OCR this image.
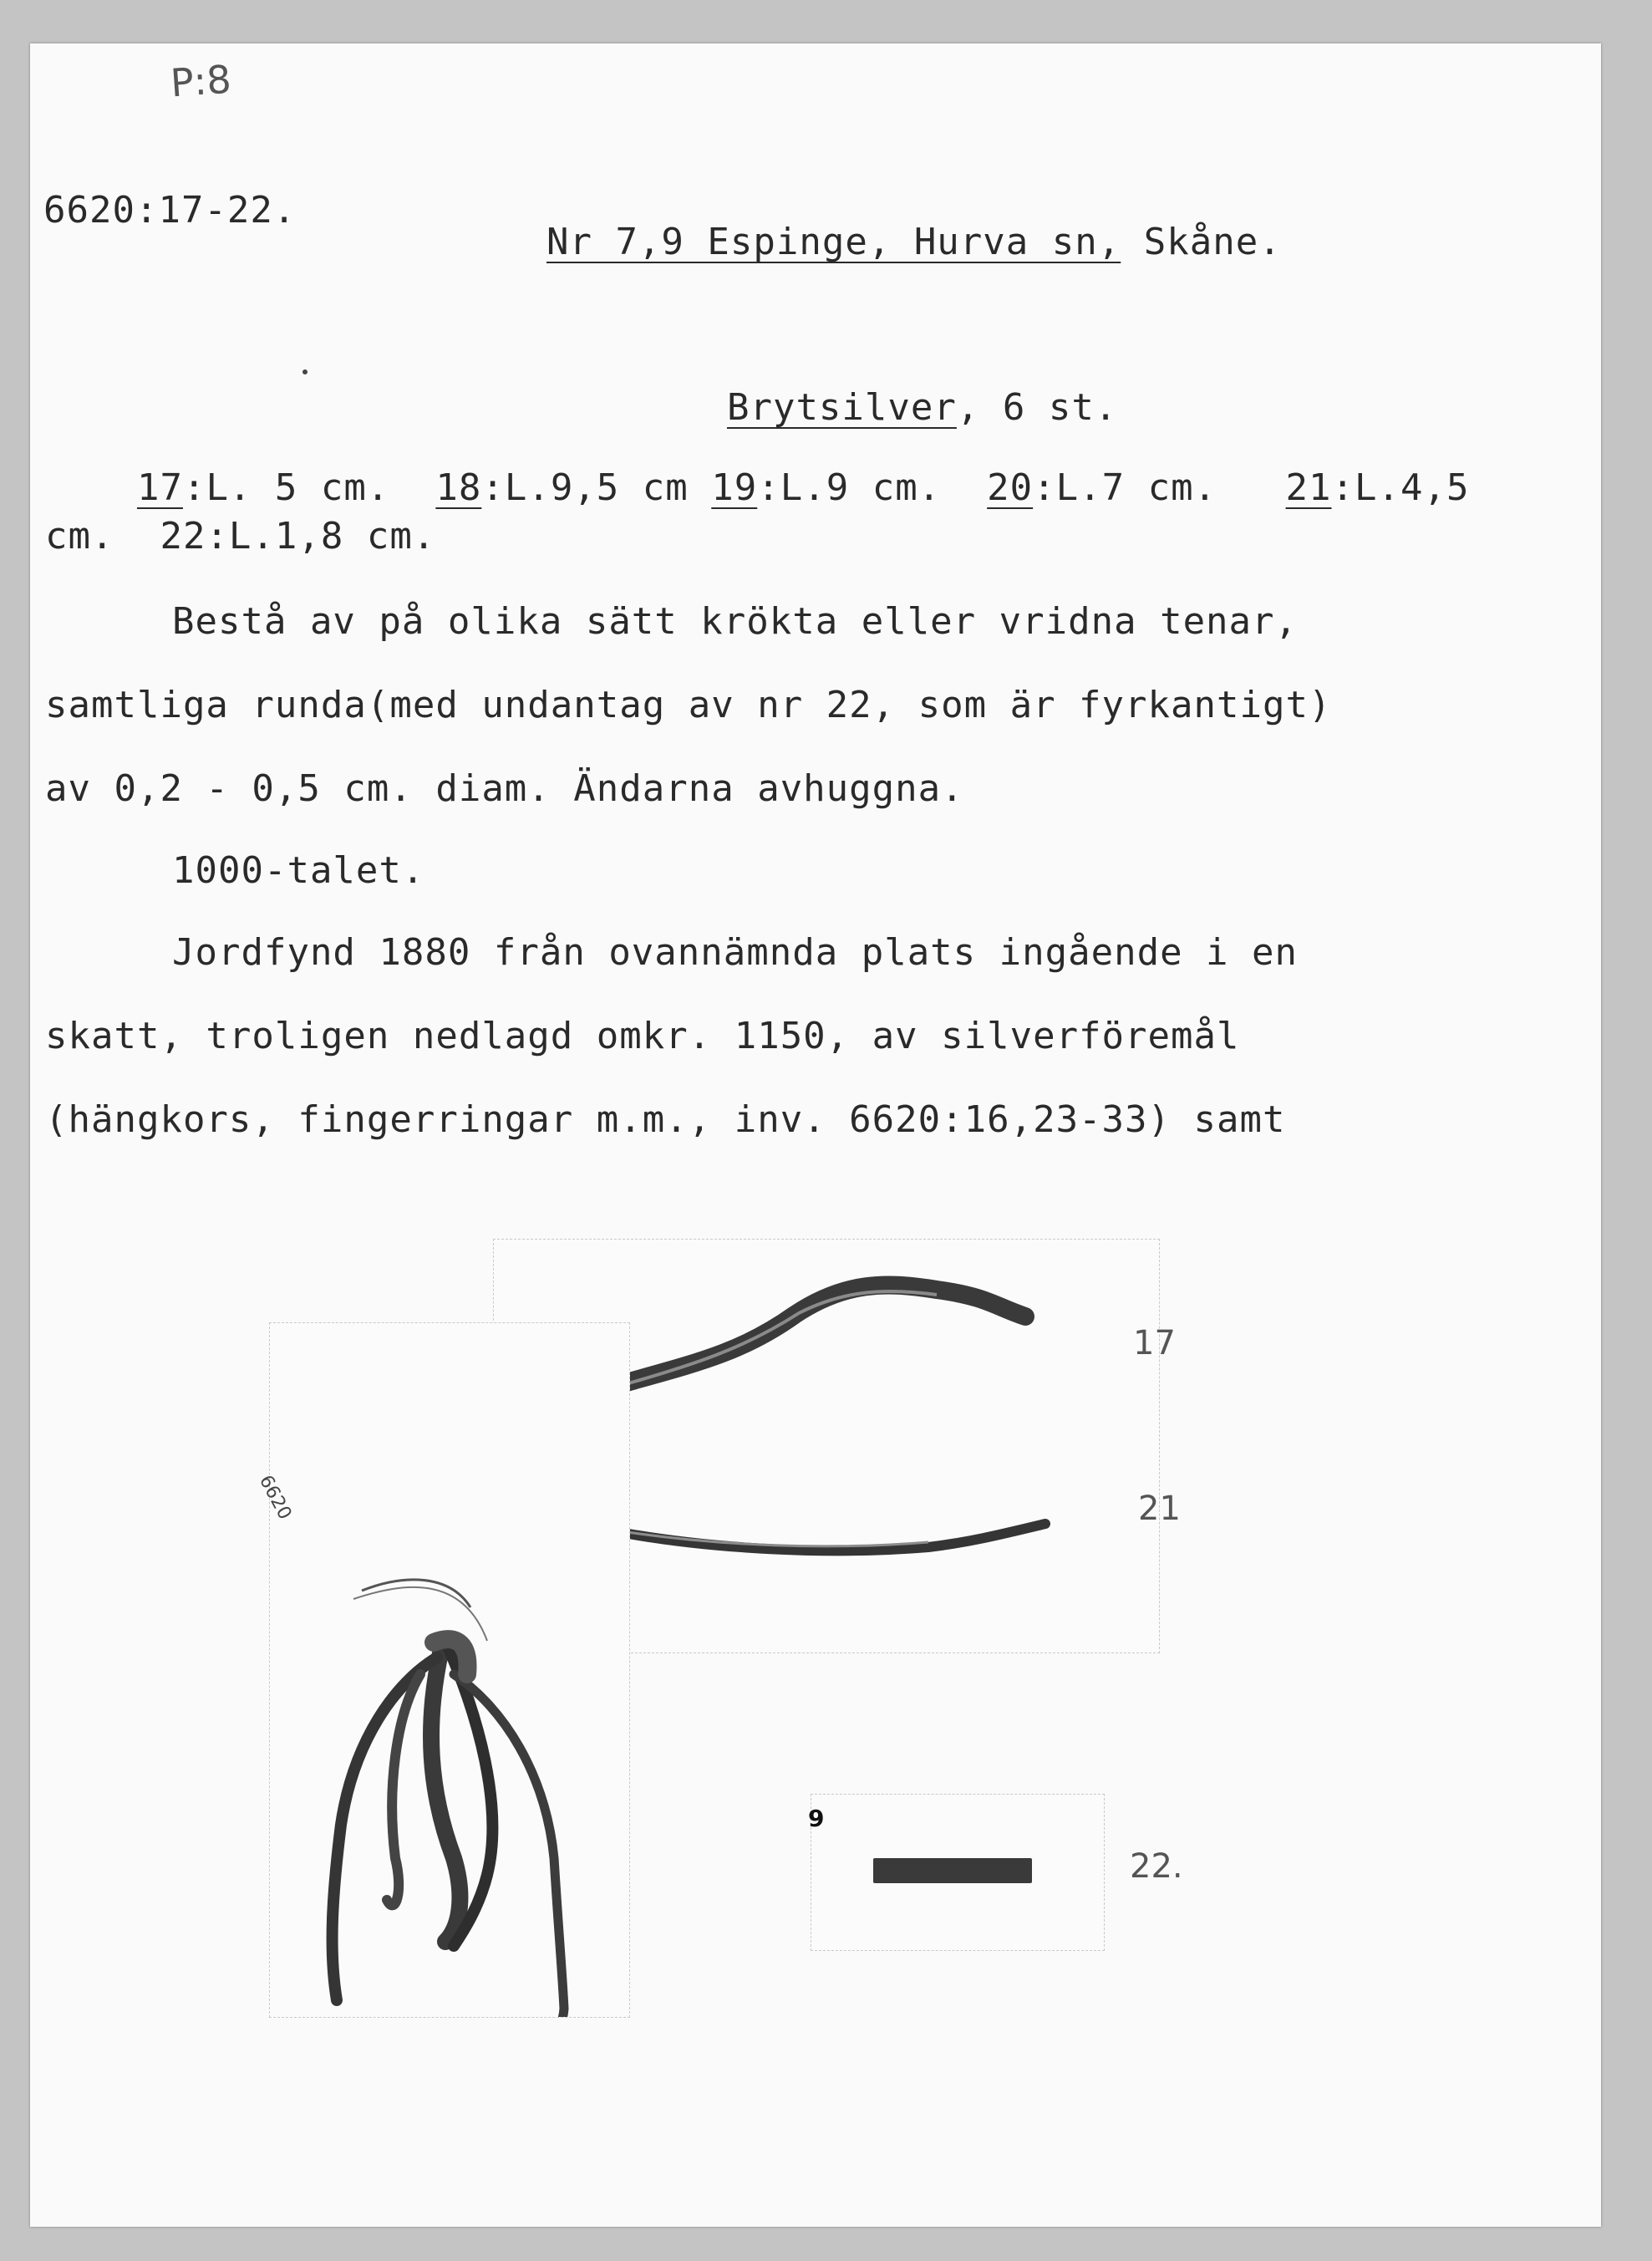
P:8
6620:17-22.

Nr 7,9 Espinge, Hurva sn, Skåne.

Brytsilver, 6 st.

17:L. 5 cm. 18:L.9,5 cm 19:L.9 cm. 20:L.7 cm. 21:L.4,5

cm.  22:L.1,8 cm.
Bestå av på olika sätt krökta eller vridna tenar,
samtliga runda(med undantag av nr 22, som är fyrkantigt)
av 0,2 - 0,5 cm. diam. Ändarna avhuggna.
1000-talet.
Jordfynd 1880 från ovannämnda plats ingående i en
skatt, troligen nedlagd omkr. 1150, av silverföremål
(hängkors, fingerringar m.m., inv. 6620:16,23-33) samt
17
21
6620
9
22.
